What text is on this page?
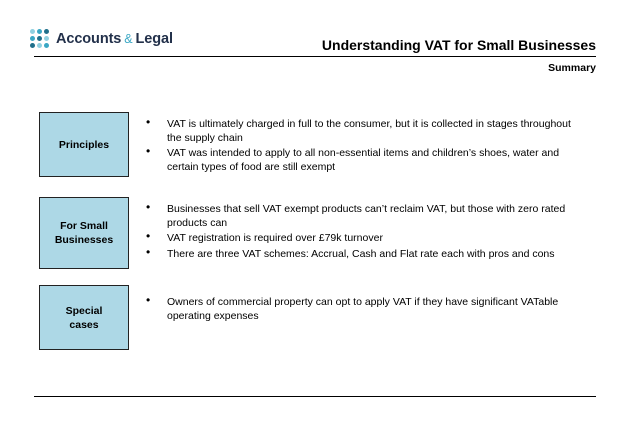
Accounts & Legal	Understanding VAT for Small Businesses
Summary
Principles
• VAT is ultimately charged in full to the consumer, but it is collected in stages throughout the supply chain
• VAT was intended to apply to all non-essential items and children’s shoes, water and certain types of food are still exempt
For Small
Businesses
• Businesses that sell VAT exempt products can’t reclaim VAT, but those with zero rated products can
• VAT registration is required over £79k turnover
• There are three VAT schemes: Accrual, Cash and Flat rate each with pros and cons
Special
cases
• Owners of commercial property can opt to apply VAT if they have significant VATable operating expenses
